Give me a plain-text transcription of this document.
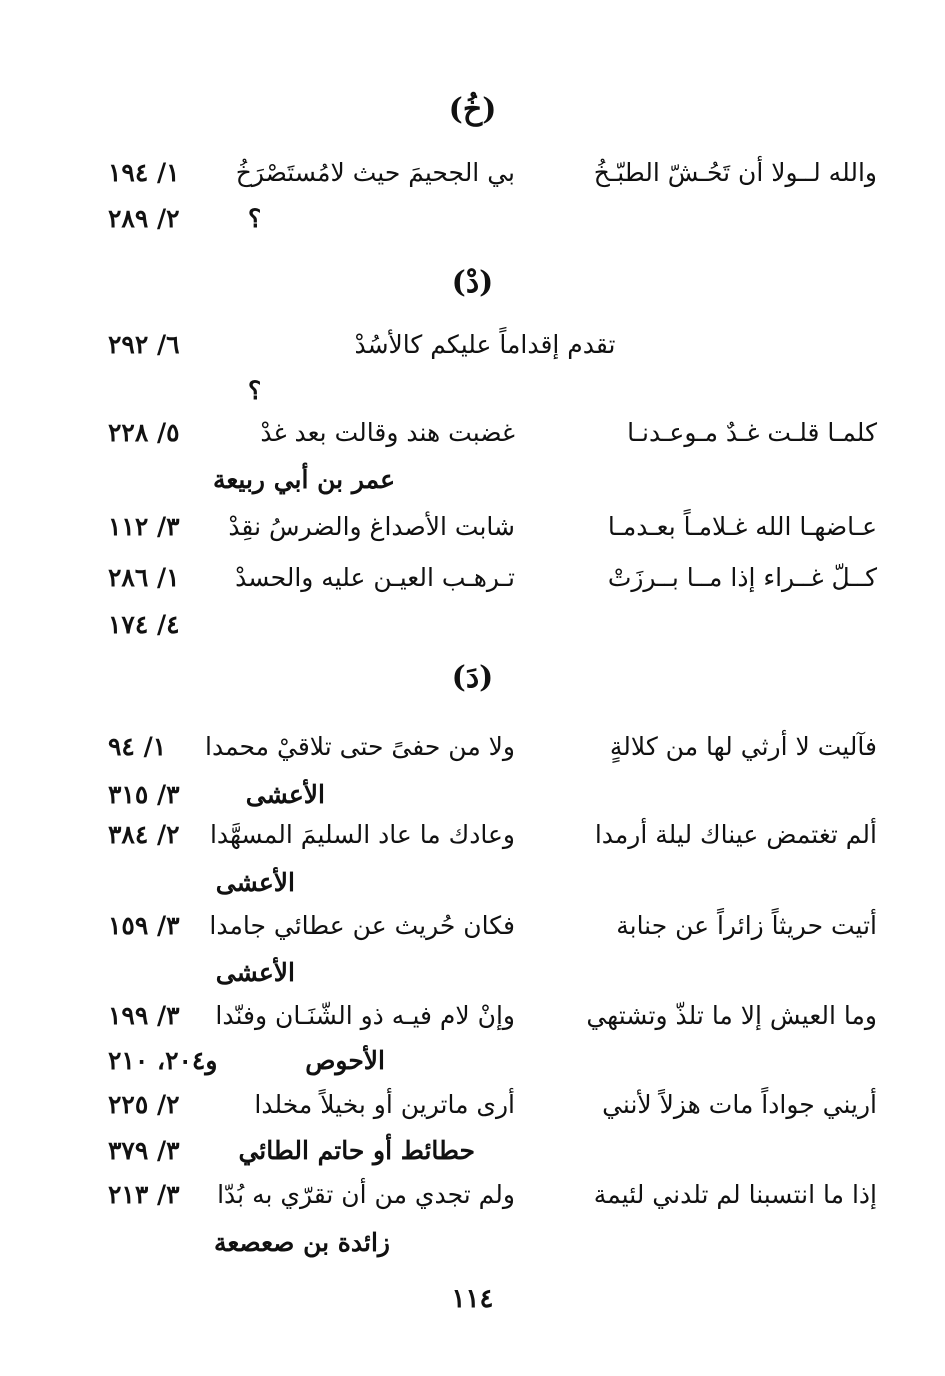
(خُ)
والله لــولا أن تَحُـشّ الطبّـخُ
بي الجحيمَ حيث لامُستَصْرَخُ
١/ ١٩٤
؟
٢/ ٢٨٩
(دْ)
تقدم إقداماً عليكم كالأسُدْ
٦/ ٢٩٢
؟
كلمـا قلـت غـدٌ مـوعـدنـا
غضبت هند وقالت بعد غدْ
٥/ ٢٢٨
عمر بن أبي ربيعة
عـاضهـا الله غـلامـاً بعـدمـا
شابت الأصداغ والضرسُ نقِدْ
٣/ ١١٢
كــلّ غــراء إذا مــا بــرزَتْ
تـرهـب العيـن عليه والحسدْ
١/ ٢٨٦
٤/ ١٧٤
(دَ)
فآليت لا أرثي لها من كلالةٍ
ولا من حفىً حتى تلاقيْ محمدا
١/ ٩٤
الأعشى
٣/ ٣١٥
ألم تغتمض عيناك ليلة أرمدا
وعادك ما عاد السليمَ المسهَّدا
٢/ ٣٨٤
الأعشى
أتيت حريثاً زائراً عن جنابة
فكان حُريث عن عطائي جامدا
٣/ ١٥٩
الأعشى
وما العيش إلا ما تلذّ وتشتهي
وإنْ لام فيـه ذو الشّنَـان وفنّدا
٣/ ١٩٩
الأحوص
و٢٠٤، ٢١٠
أريني جواداً مات هزلاً لأنني
أرى ماترين أو بخيلاً مخلدا
٢/ ٢٢٥
حطائط أو حاتم الطائي
٣/ ٣٧٩
إذا ما انتسبنا لم تلدني لئيمة
ولم تجدي من أن تقرّي به بُدّا
٣/ ٢١٣
زائدة بن صعصعة
١١٤
